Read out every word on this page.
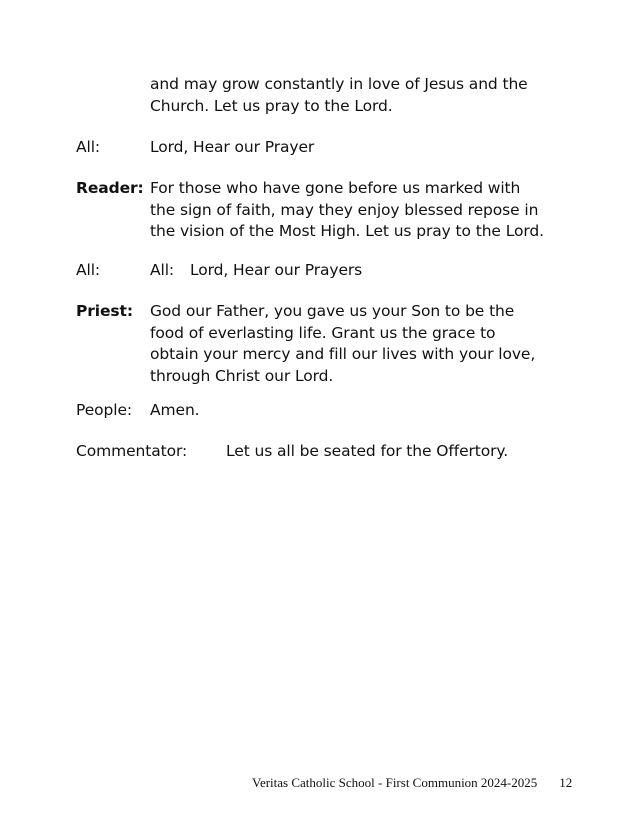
and may grow constantly in love of Jesus and the
Church. Let us pray to the Lord.
All:	Lord, Hear our Prayer
Reader: For those who have gone before us marked with
the sign of faith, may they enjoy blessed repose in
the vision of the Most High. Let us pray to the Lord.
All:	All: Lord, Hear our Prayers
Priest:	God our Father, you gave us your Son to be the
food of everlasting life. Grant us the grace to
obtain your mercy and fill our lives with your love,
through Christ our Lord.
People:	Amen.
Commentator:	Let us all be seated for the Offertory.
Veritas Catholic School - First Communion 2024-2025 12
